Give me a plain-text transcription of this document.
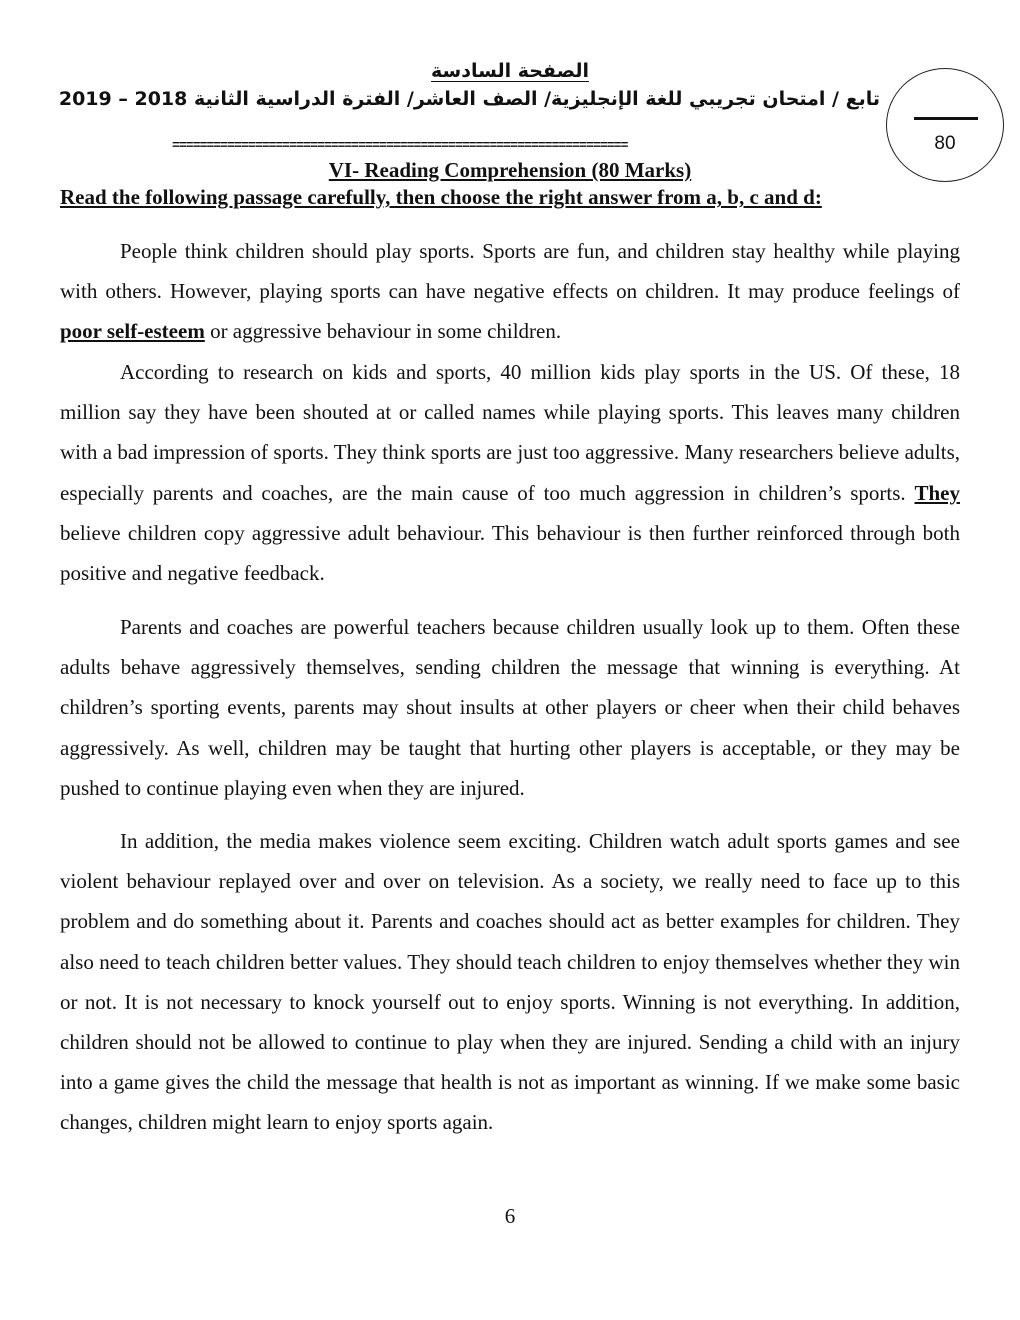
الصفحة السادسة
تابع / امتحان تجريبي للغة الإنجليزية/ الصف العاشر/ الفترة الدراسية الثانية 2018 – 2019
80
==================================================================
VI- Reading Comprehension (80 Marks)
Read the following passage carefully, then choose the right answer from a, b, c and d:

People think children should play sports. Sports are fun, and children stay healthy while playing with others. However, playing sports can have negative effects on children. It may produce feelings of poor self-esteem or aggressive behaviour in some children.

According to research on kids and sports, 40 million kids play sports in the US. Of these, 18 million say they have been shouted at or called names while playing sports. This leaves many children with a bad impression of sports. They think sports are just too aggressive. Many researchers believe adults, especially parents and coaches, are the main cause of too much aggression in children’s sports. They believe children copy aggressive adult behaviour. This behaviour is then further reinforced through both positive and negative feedback.

Parents and coaches are powerful teachers because children usually look up to them. Often these adults behave aggressively themselves, sending children the message that winning is everything. At children’s sporting events, parents may shout insults at other players or cheer when their child behaves aggressively. As well, children may be taught that hurting other players is acceptable, or they may be pushed to continue playing even when they are injured.

In addition, the media makes violence seem exciting. Children watch adult sports games and see violent behaviour replayed over and over on television. As a society, we really need to face up to this problem and do something about it. Parents and coaches should act as better examples for children. They also need to teach children better values. They should teach children to enjoy themselves whether they win or not. It is not necessary to knock yourself out to enjoy sports. Winning is not everything. In addition, children should not be allowed to continue to play when they are injured. Sending a child with an injury into a game gives the child the message that health is not as important as winning. If we make some basic changes, children might learn to enjoy sports again.

6
